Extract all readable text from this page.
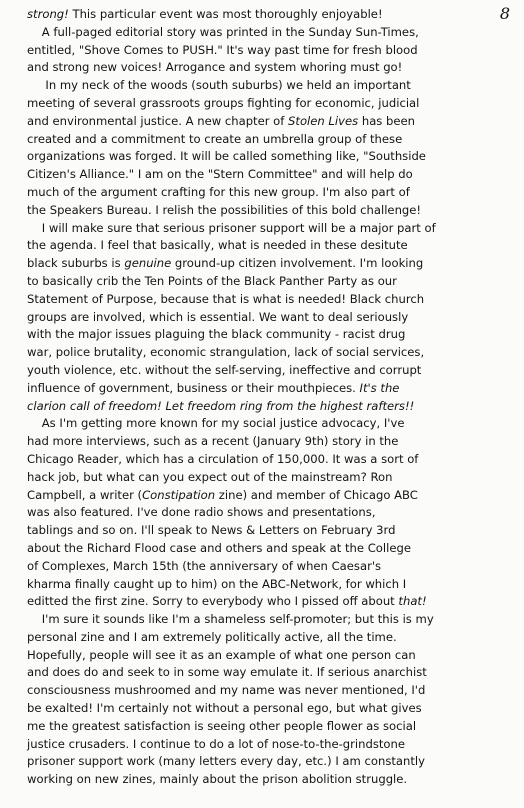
8
strong! This particular event was most thoroughly enjoyable!
A full-paged editorial story was printed in the Sunday Sun-Times,
entitled, "Shove Comes to PUSH." It's way past time for fresh blood
and strong new voices! Arrogance and system whoring must go!
In my neck of the woods (south suburbs) we held an important
meeting of several grassroots groups fighting for economic, judicial
and environmental justice. A new chapter of Stolen Lives has been
created and a commitment to create an umbrella group of these
organizations was forged. It will be called something like, "Southside
Citizen's Alliance." I am on the "Stern Committee" and will help do
much of the argument crafting for this new group. I'm also part of
the Speakers Bureau. I relish the possibilities of this bold challenge!
I will make sure that serious prisoner support will be a major part of
the agenda. I feel that basically, what is needed in these desitute
black suburbs is genuine ground-up citizen involvement. I'm looking
to basically crib the Ten Points of the Black Panther Party as our
Statement of Purpose, because that is what is needed! Black church
groups are involved, which is essential. We want to deal seriously
with the major issues plaguing the black community - racist drug
war, police brutality, economic strangulation, lack of social services,
youth violence, etc. without the self-serving, ineffective and corrupt
influence of government, business or their mouthpieces. It's the
clarion call of freedom! Let freedom ring from the highest rafters!!
As I'm getting more known for my social justice advocacy, I've
had more interviews, such as a recent (January 9th) story in the
Chicago Reader, which has a circulation of 150,000. It was a sort of
hack job, but what can you expect out of the mainstream? Ron
Campbell, a writer (Constipation zine) and member of Chicago ABC
was also featured. I've done radio shows and presentations,
tablings and so on. I'll speak to News & Letters on February 3rd
about the Richard Flood case and others and speak at the College
of Complexes, March 15th (the anniversary of when Caesar's
kharma finally caught up to him) on the ABC-Network, for which I
editted the first zine. Sorry to everybody who I pissed off about that!
I'm sure it sounds like I'm a shameless self-promoter; but this is my
personal zine and I am extremely politically active, all the time.
Hopefully, people will see it as an example of what one person can
and does do and seek to in some way emulate it. If serious anarchist
consciousness mushroomed and my name was never mentioned, I'd
be exalted! I'm certainly not without a personal ego, but what gives
me the greatest satisfaction is seeing other people flower as social
justice crusaders. I continue to do a lot of nose-to-the-grindstone
prisoner support work (many letters every day, etc.) I am constantly
working on new zines, mainly about the prison abolition struggle.
